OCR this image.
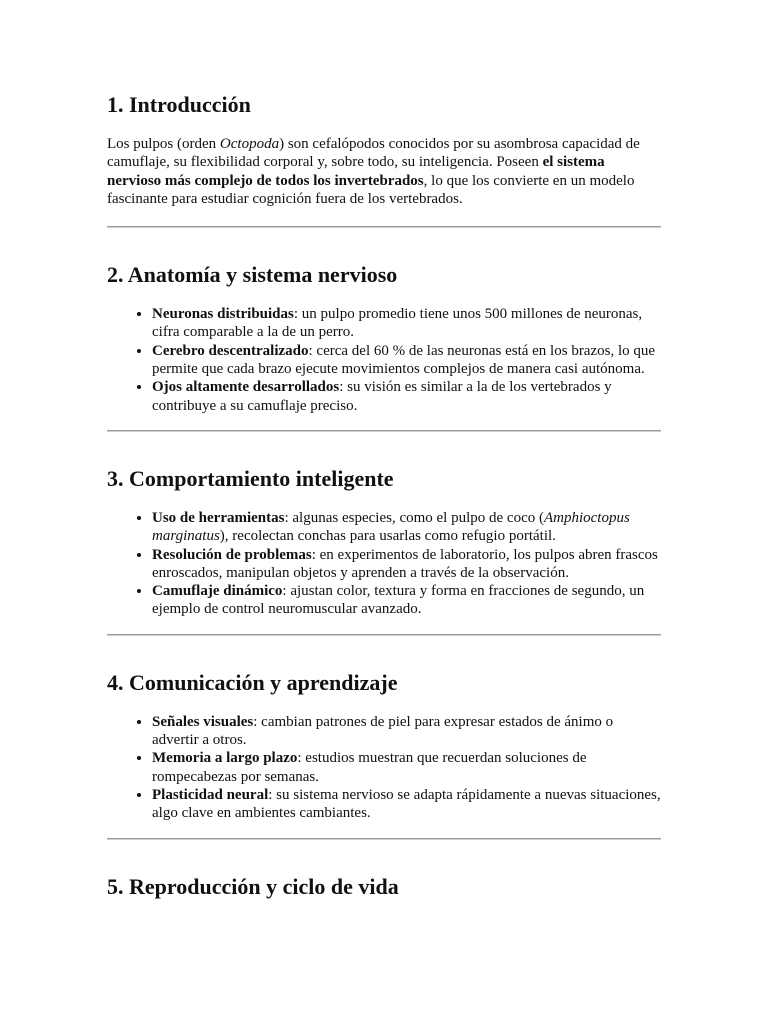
1. Introducción

Los pulpos (orden Octopoda) son cefalópodos conocidos por su asombrosa capacidad de camuflaje, su flexibilidad corporal y, sobre todo, su inteligencia. Poseen el sistema nervioso más complejo de todos los invertebrados, lo que los convierte en un modelo fascinante para estudiar cognición fuera de los vertebrados.

2. Anatomía y sistema nervioso
• Neuronas distribuidas: un pulpo promedio tiene unos 500 millones de neuronas, cifra comparable a la de un perro.
• Cerebro descentralizado: cerca del 60 % de las neuronas está en los brazos, lo que permite que cada brazo ejecute movimientos complejos de manera casi autónoma.
• Ojos altamente desarrollados: su visión es similar a la de los vertebrados y contribuye a su camuflaje preciso.
3. Comportamiento inteligente
• Uso de herramientas: algunas especies, como el pulpo de coco (Amphioctopus marginatus), recolectan conchas para usarlas como refugio portátil.
• Resolución de problemas: en experimentos de laboratorio, los pulpos abren frascos enroscados, manipulan objetos y aprenden a través de la observación.
• Camuflaje dinámico: ajustan color, textura y forma en fracciones de segundo, un ejemplo de control neuromuscular avanzado.
4. Comunicación y aprendizaje
• Señales visuales: cambian patrones de piel para expresar estados de ánimo o advertir a otros.
• Memoria a largo plazo: estudios muestran que recuerdan soluciones de rompecabezas por semanas.
• Plasticidad neural: su sistema nervioso se adapta rápidamente a nuevas situaciones, algo clave en ambientes cambiantes.
5. Reproducción y ciclo de vida
